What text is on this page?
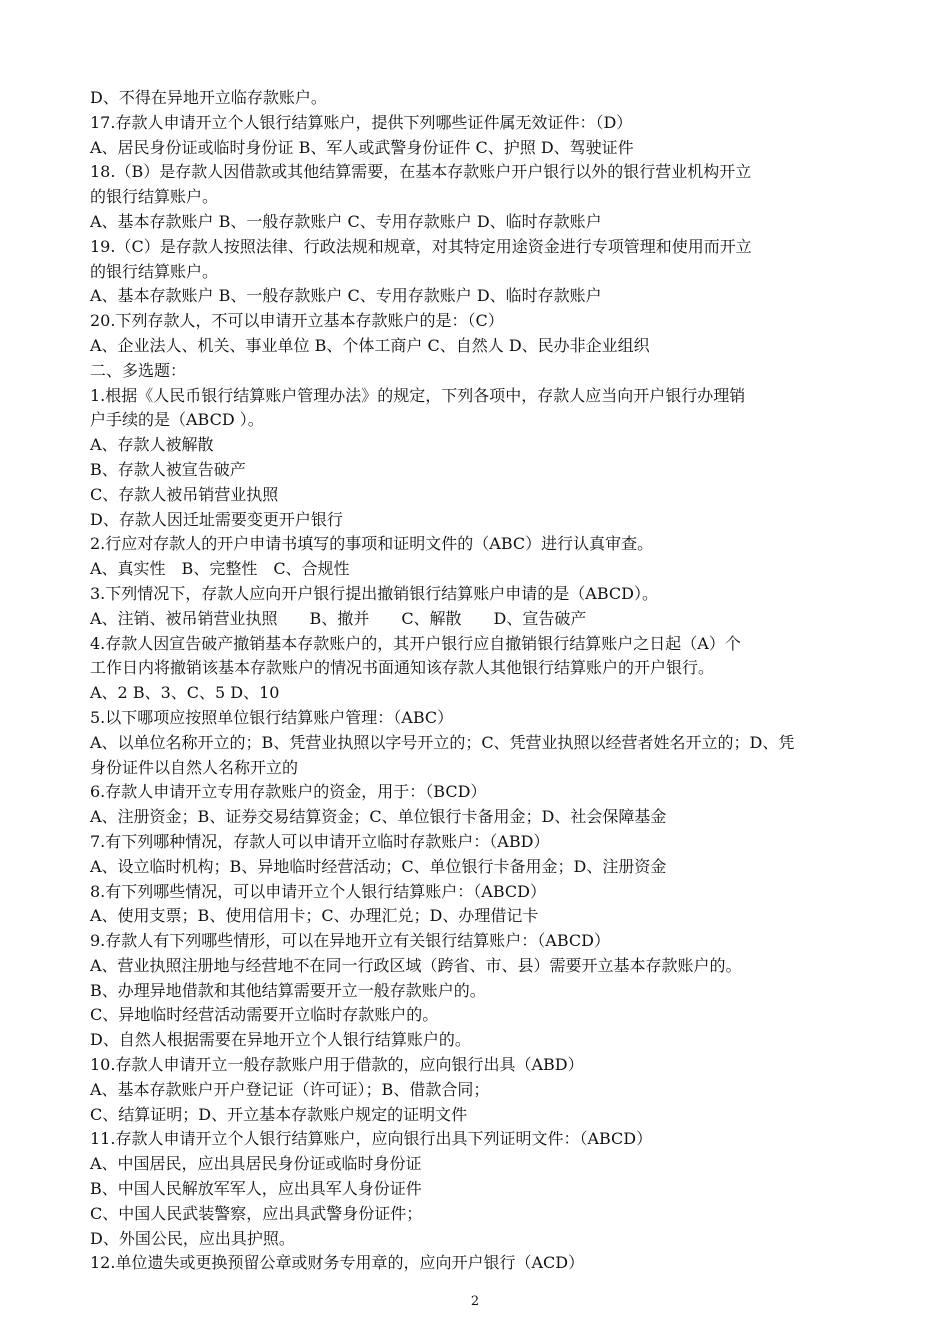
D、不得在异地开立临存款账户。
17.存款人申请开立个人银行结算账户，提供下列哪些证件属无效证件：（D）
A、居民身份证或临时身份证 B、军人或武警身份证件 C、护照 D、驾驶证件
18.（B）是存款人因借款或其他结算需要，在基本存款账户开户银行以外的银行营业机构开立
的银行结算账户。
A、基本存款账户 B、一般存款账户 C、专用存款账户 D、临时存款账户
19.（C）是存款人按照法律、行政法规和规章，对其特定用途资金进行专项管理和使用而开立
的银行结算账户。
A、基本存款账户 B、一般存款账户 C、专用存款账户 D、临时存款账户
20.下列存款人，不可以申请开立基本存款账户的是：（C）
A、企业法人、机关、事业单位 B、个体工商户 C、自然人 D、民办非企业组织
二、多选题：
1.根据《人民币银行结算账户管理办法》的规定，下列各项中，存款人应当向开户银行办理销
户手续的是（ABCD ）。
A、存款人被解散
B、存款人被宣告破产
C、存款人被吊销营业执照
D、存款人因迁址需要变更开户银行
2.行应对存款人的开户申请书填写的事项和证明文件的（ABC）进行认真审查。
A、真实性　B、完整性　C、合规性
3.下列情况下，存款人应向开户银行提出撤销银行结算账户申请的是（ABCD）。
A、注销、被吊销营业执照　　B、撤并　　C、解散　　D、宣告破产
4.存款人因宣告破产撤销基本存款账户的，其开户银行应自撤销银行结算账户之日起（A）个
工作日内将撤销该基本存款账户的情况书面通知该存款人其他银行结算账户的开户银行。
A、2 B、3、C、5 D、10
5.以下哪项应按照单位银行结算账户管理：（ABC）
A、以单位名称开立的；B、凭营业执照以字号开立的；C、凭营业执照以经营者姓名开立的；D、凭
身份证件以自然人名称开立的
6.存款人申请开立专用存款账户的资金，用于：（BCD）
A、注册资金；B、证券交易结算资金；C、单位银行卡备用金；D、社会保障基金
7.有下列哪种情况，存款人可以申请开立临时存款账户：（ABD）
A、设立临时机构；B、异地临时经营活动；C、单位银行卡备用金；D、注册资金
8.有下列哪些情况，可以申请开立个人银行结算账户：（ABCD）
A、使用支票；B、使用信用卡；C、办理汇兑；D、办理借记卡
9.存款人有下列哪些情形，可以在异地开立有关银行结算账户：（ABCD）
A、营业执照注册地与经营地不在同一行政区域（跨省、市、县）需要开立基本存款账户的。
B、办理异地借款和其他结算需要开立一般存款账户的。
C、异地临时经营活动需要开立临时存款账户的。
D、自然人根据需要在异地开立个人银行结算账户的。
10.存款人申请开立一般存款账户用于借款的，应向银行出具（ABD）
A、基本存款账户开户登记证（许可证）；B、借款合同；
C、结算证明；D、开立基本存款账户规定的证明文件
11.存款人申请开立个人银行结算账户，应向银行出具下列证明文件：（ABCD）
A、中国居民，应出具居民身份证或临时身份证
B、中国人民解放军军人，应出具军人身份证件
C、中国人民武装警察，应出具武警身份证件；
D、外国公民，应出具护照。
12.单位遗失或更换预留公章或财务专用章的，应向开户银行（ACD）
2
